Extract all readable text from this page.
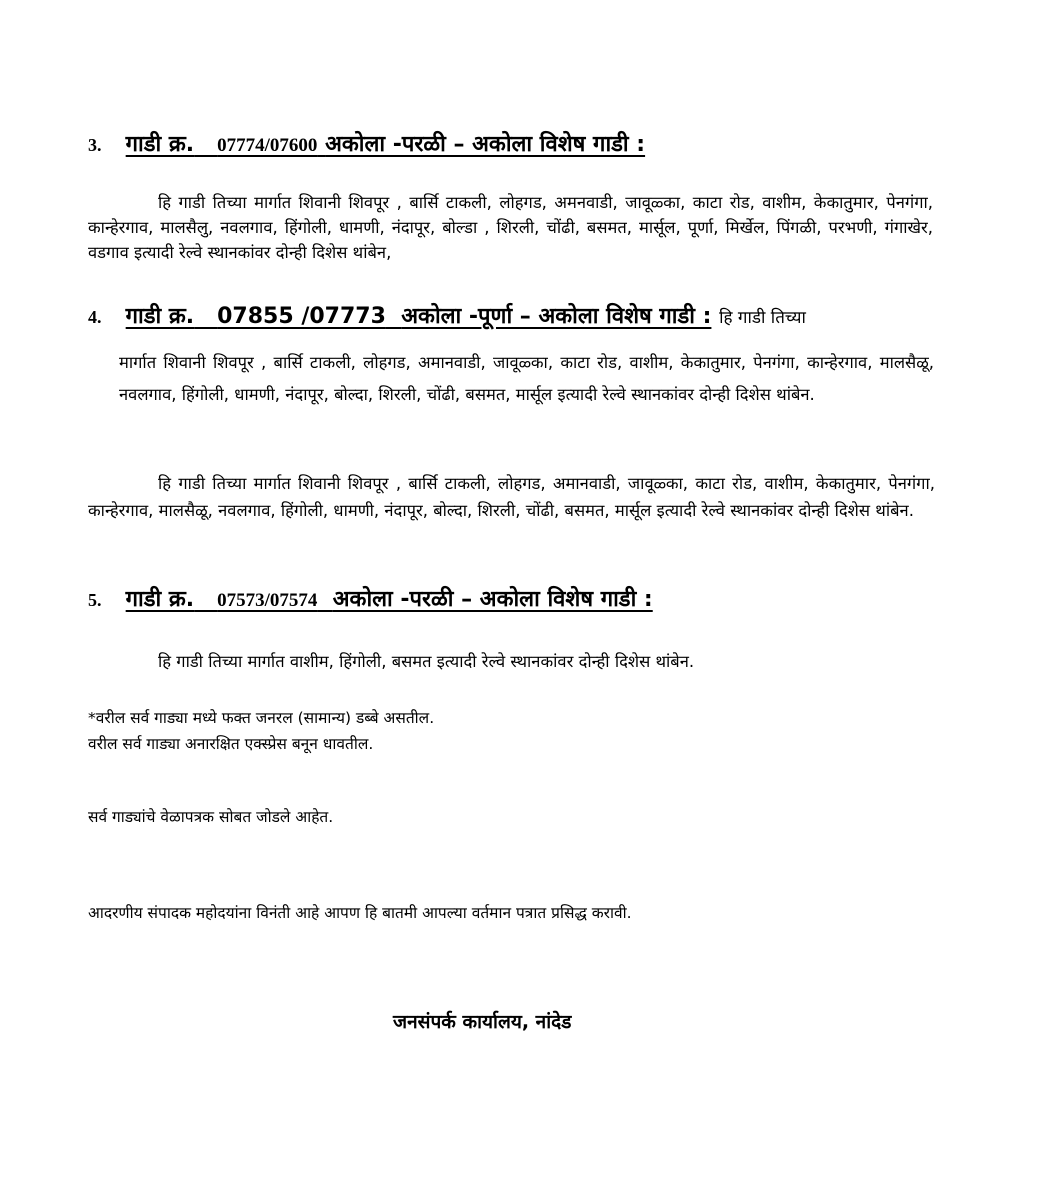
3. गाडी क्र. 07774/07600 अकोला -परळी – अकोला विशेष गाडी :
हि गाडी तिच्या मार्गात शिवानी शिवपूर , बार्सि टाकली, लोहगड, अमनवाडी, जावूळ्का, काटा रोड, वाशीम, केकातुमार, पेनगंगा, कान्हेरगाव, मालसैलु, नवलगाव, हिंगोली, धामणी, नंदापूर, बोल्डा , शिरली, चोंढी, बसमत, मार्सूल, पूर्णा, मिर्खेल, पिंगळी, परभणी, गंगाखेर, वडगाव इत्यादी रेल्वे स्थानकांवर दोन्ही दिशेस थांबेन,
4. गाडी क्र. 07855 /07773 अकोला -पूर्णा – अकोला विशेष गाडी : हि गाडी तिच्या
मार्गात शिवानी शिवपूर , बार्सि टाकली, लोहगड, अमानवाडी, जावूळ्का, काटा रोड, वाशीम, केकातुमार, पेनगंगा, कान्हेरगाव, मालसैळू, नवलगाव, हिंगोली, धामणी, नंदापूर, बोल्दा, शिरली, चोंढी, बसमत, मार्सूल इत्यादी रेल्वे स्थानकांवर दोन्ही दिशेस थांबेन.
हि गाडी तिच्या मार्गात शिवानी शिवपूर , बार्सि टाकली, लोहगड, अमानवाडी, जावूळ्का, काटा रोड, वाशीम, केकातुमार, पेनगंगा, कान्हेरगाव, मालसैळू, नवलगाव, हिंगोली, धामणी, नंदापूर, बोल्दा, शिरली, चोंढी, बसमत, मार्सूल इत्यादी रेल्वे स्थानकांवर दोन्ही दिशेस थांबेन.
5. गाडी क्र. 07573/07574 अकोला -परळी – अकोला विशेष गाडी :
हि गाडी तिच्या मार्गात वाशीम, हिंगोली, बसमत इत्यादी रेल्वे स्थानकांवर दोन्ही दिशेस थांबेन.
*वरील सर्व गाड्या मध्ये फक्त जनरल (सामान्य) डब्बे असतील.
वरील सर्व गाड्या अनारक्षित एक्स्प्रेस बनून धावतील.
सर्व गाड्यांचे वेळापत्रक सोबत जोडले आहेत.
आदरणीय संपादक महोदयांना विनंती आहे आपण हि बातमी आपल्या वर्तमान पत्रात प्रसिद्ध करावी.
जनसंपर्क कार्यालय, नांदेड
